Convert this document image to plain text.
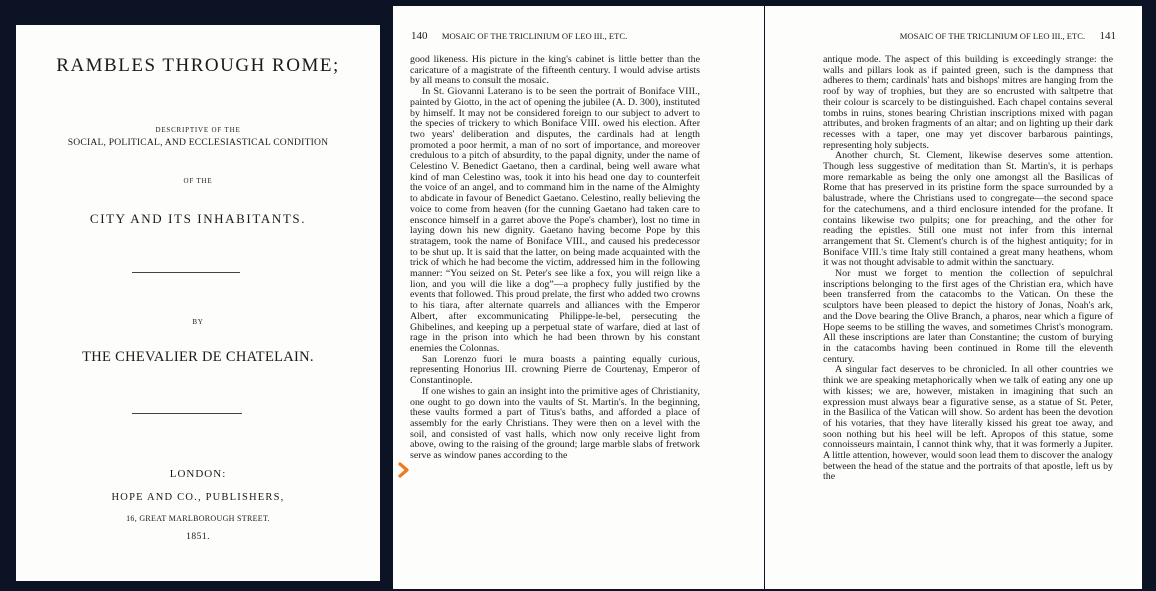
RAMBLES THROUGH ROME;
DESCRIPTIVE OF THE
SOCIAL, POLITICAL, AND ECCLESIASTICAL CONDITION
OF THE
CITY AND ITS INHABITANTS.
BY
THE CHEVALIER DE CHATELAIN.
LONDON:
HOPE AND CO., PUBLISHERS,
16, GREAT MARLBOROUGH STREET.
1851.
140 MOSAIC OF THE TRICLINIUM OF LEO III., ETC.

good likeness. His picture in the king's cabinet is little better than the caricature of a magistrate of the fifteenth century. I would advise artists by all means to consult the mosaic.

In St. Giovanni Laterano is to be seen the portrait of Boniface VIII., painted by Giotto, in the act of opening the jubilee (A. D. 300), instituted by himself. It may not be considered foreign to our subject to advert to the species of trickery to which Boniface VIII. owed his election. After two years' deliberation and disputes, the cardinals had at length promoted a poor hermit, a man of no sort of importance, and moreover credulous to a pitch of absurdity, to the papal dignity, under the name of Celestino V. Benedict Gaetano, then a cardinal, being well aware what kind of man Celestino was, took it into his head one day to counterfeit the voice of an angel, and to command him in the name of the Almighty to abdicate in favour of Benedict Gaetano. Celestino, really believing the voice to come from heaven (for the cunning Gaetano had taken care to ensconce himself in a garret above the Pope's chamber), lost no time in laying down his new dignity. Gaetano having become Pope by this stratagem, took the name of Boniface VIII., and caused his predecessor to be shut up. It is said that the latter, on being made acquainted with the trick of which he had become the victim, addressed him in the following manner: “You seized on St. Peter's see like a fox, you will reign like a lion, and you will die like a dog”—a prophecy fully justified by the events that followed. This proud prelate, the first who added two crowns to his tiara, after alternate quarrels and alliances with the Emperor Albert, after excommunicating Philippe-le-bel, persecuting the Ghibelines, and keeping up a perpetual state of warfare, died at last of rage in the prison into which he had been thrown by his constant enemies the Colonnas.

San Lorenzo fuori le mura boasts a painting equally curious, representing Honorius III. crowning Pierre de Courtenay, Emperor of Constantinople.

If one wishes to gain an insight into the primitive ages of Christianity, one ought to go down into the vaults of St. Martin's. In the beginning, these vaults formed a part of Titus's baths, and afforded a place of assembly for the early Christians. They were then on a level with the soil, and consisted of vast halls, which now only receive light from above, owing to the raising of the ground; large marble slabs of fretwork serve as window panes according to the

MOSAIC OF THE TRICLINIUM OF LEO III., ETC. 141

antique mode. The aspect of this building is exceedingly strange: the walls and pillars look as if painted green, such is the dampness that adheres to them; cardinals' hats and bishops' mitres are hanging from the roof by way of trophies, but they are so encrusted with saltpetre that their colour is scarcely to be distinguished. Each chapel contains several tombs in ruins, stones bearing Christian inscriptions mixed with pagan attributes, and broken fragments of an altar; and on lighting up their dark recesses with a taper, one may yet discover barbarous paintings, representing holy subjects.

Another church, St. Clement, likewise deserves some attention. Though less suggestive of meditation than St. Martin's, it is perhaps more remarkable as being the only one amongst all the Basilicas of Rome that has preserved in its pristine form the space surrounded by a balustrade, where the Christians used to congregate—the second space for the catechumens, and a third enclosure intended for the profane. It contains likewise two pulpits; one for preaching, and the other for reading the epistles. Still one must not infer from this internal arrangement that St. Clement's church is of the highest antiquity; for in Boniface VIII.'s time Italy still contained a great many heathens, whom it was not thought advisable to admit within the sanctuary.

Nor must we forget to mention the collection of sepulchral inscriptions belonging to the first ages of the Christian era, which have been transferred from the catacombs to the Vatican. On these the sculptors have been pleased to depict the history of Jonas, Noah's ark, and the Dove bearing the Olive Branch, a pharos, near which a figure of Hope seems to be stilling the waves, and sometimes Christ's monogram. All these inscriptions are later than Constantine; the custom of burying in the catacombs having been continued in Rome till the eleventh century.

A singular fact deserves to be chronicled. In all other countries we think we are speaking metaphorically when we talk of eating any one up with kisses; we are, however, mistaken in imagining that such an expression must always bear a figurative sense, as a statue of St. Peter, in the Basilica of the Vatican will show. So ardent has been the devotion of his votaries, that they have literally kissed his great toe away, and soon nothing but his heel will be left. Apropos of this statue, some connoisseurs maintain, I cannot think why, that it was formerly a Jupiter. A little attention, however, would soon lead them to discover the analogy between the head of the statue and the portraits of that apostle, left us by the
